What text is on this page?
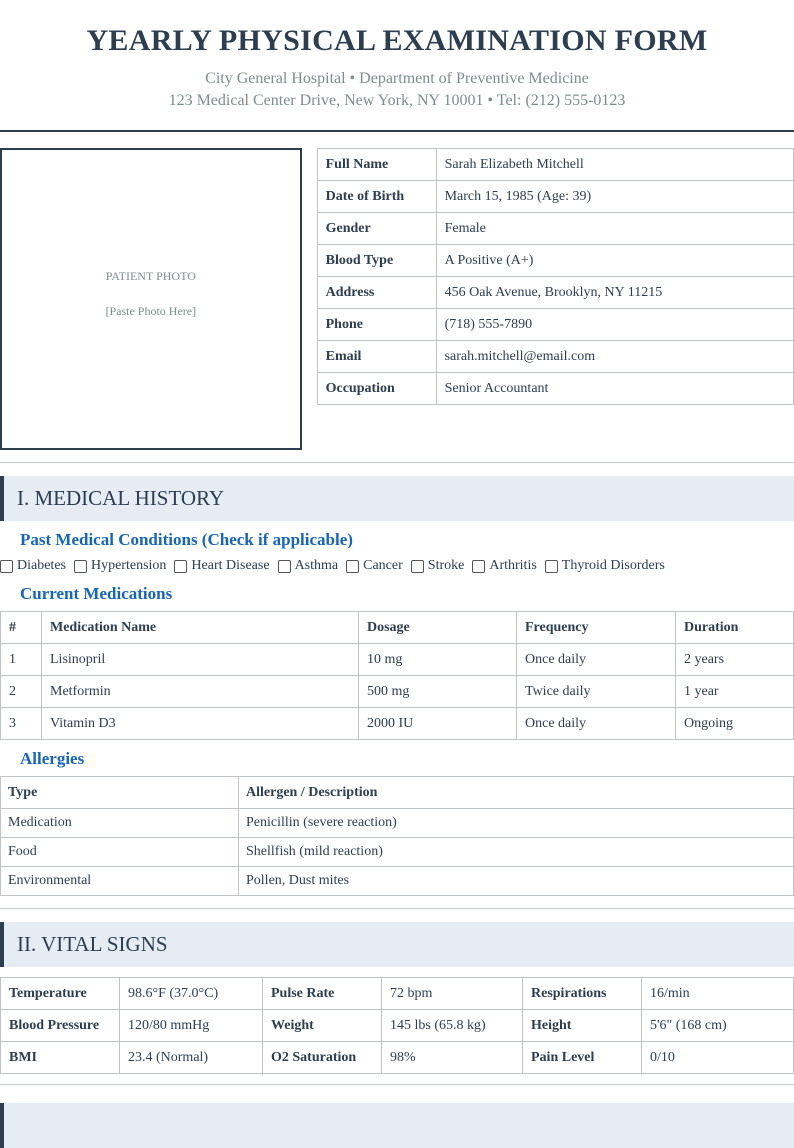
YEARLY PHYSICAL EXAMINATION FORM
City General Hospital • Department of Preventive Medicine
123 Medical Center Drive, New York, NY 10001 • Tel: (212) 555-0123
PATIENT PHOTO
[Paste Photo Here]
Full Name	Sarah Elizabeth Mitchell
Date of Birth	March 15, 1985 (Age: 39)
Gender	Female
Blood Type	A Positive (A+)
Address	456 Oak Avenue, Brooklyn, NY 11215
Phone	(718) 555-7890
Email	sarah.mitchell@email.com
Occupation	Senior Accountant
I. MEDICAL HISTORY
Past Medical Conditions (Check if applicable)
Diabetes Hypertension Heart Disease Asthma Cancer Stroke Arthritis Thyroid Disorders
Current Medications
#	Medication Name	Dosage	Frequency	Duration
1	Lisinopril	10 mg	Once daily	2 years
2	Metformin	500 mg	Twice daily	1 year
3	Vitamin D3	2000 IU	Once daily	Ongoing
Allergies
Type	Allergen / Description
Medication	Penicillin (severe reaction)
Food	Shellfish (mild reaction)
Environmental	Pollen, Dust mites
II. VITAL SIGNS
Temperature	98.6°F (37.0°C)	Pulse Rate	72 bpm	Respirations	16/min
Blood Pressure	120/80 mmHg	Weight	145 lbs (65.8 kg)	Height	5'6" (168 cm)
BMI	23.4 (Normal)	O2 Saturation	98%	Pain Level	0/10
